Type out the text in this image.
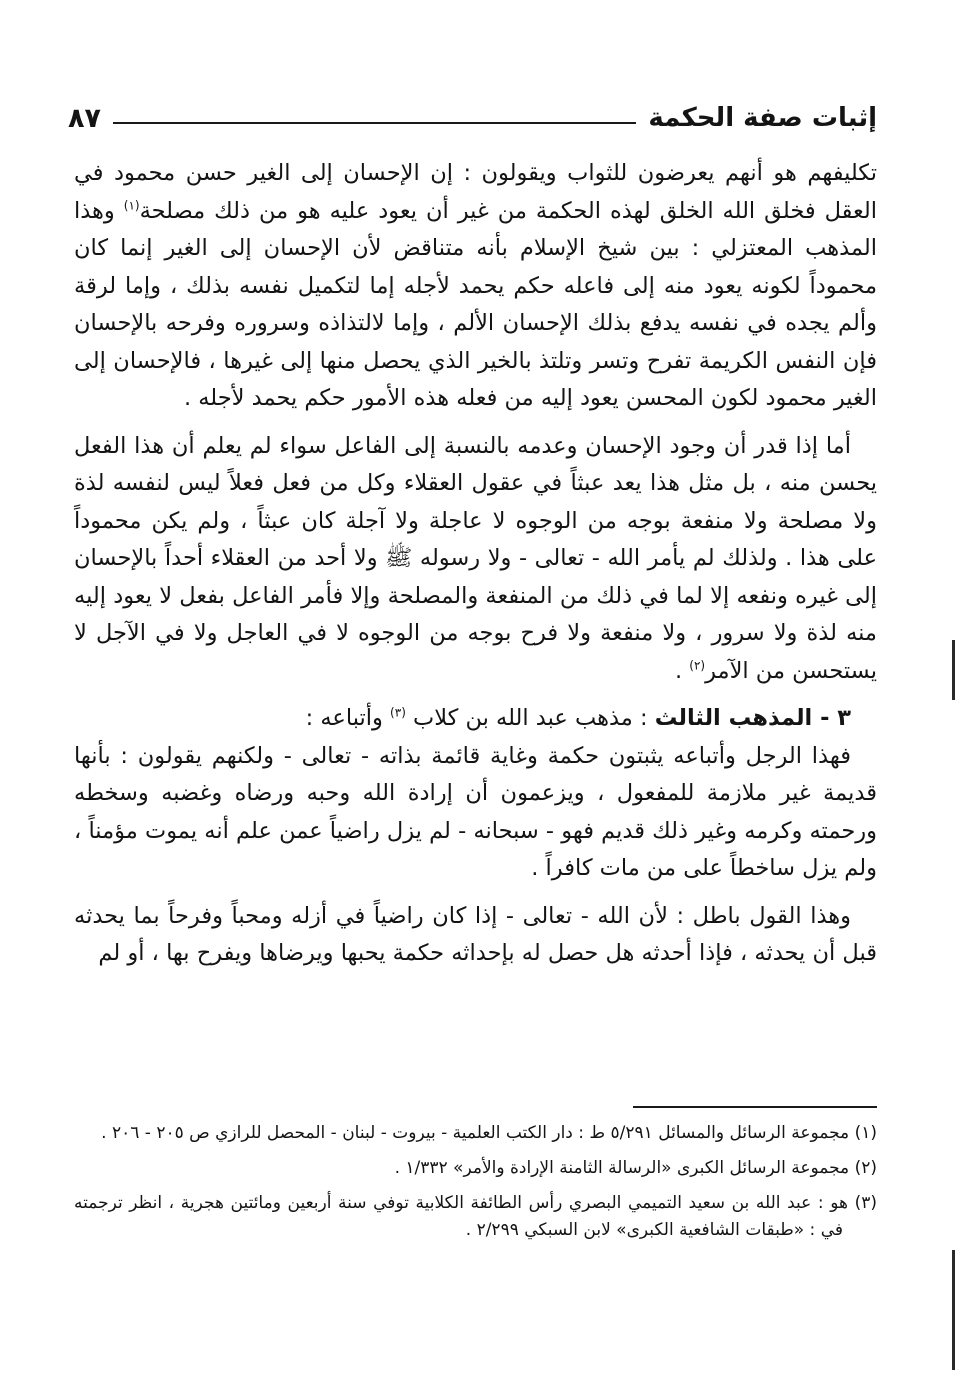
إثبات صفة الحكمة
٨٧

تكليفهم هو أنهم يعرضون للثواب ويقولون : إن الإحسان إلى الغير حسن محمود في العقل فخلق الله الخلق لهذه الحكمة من غير أن يعود عليه هو من ذلك مصلحة$^{(١)}$ وهذا المذهب المعتزلي : بين شيخ الإسلام بأنه متناقض لأن الإحسان إلى الغير إنما كان محموداً لكونه يعود منه إلى فاعله حكم يحمد لأجله إما لتكميل نفسه بذلك ، وإما لرقة وألم يجده في نفسه يدفع بذلك الإحسان الألم ، وإما لالتذاذه وسروره وفرحه بالإحسان فإن النفس الكريمة تفرح وتسر وتلتذ بالخير الذي يحصل منها إلى غيرها ، فالإحسان إلى الغير محمود لكون المحسن يعود إليه من فعله هذه الأمور حكم يحمد لأجله .

أما إذا قدر أن وجود الإحسان وعدمه بالنسبة إلى الفاعل سواء لم يعلم أن هذا الفعل يحسن منه ، بل مثل هذا يعد عبثاً في عقول العقلاء وكل من فعل فعلاً ليس لنفسه لذة ولا مصلحة ولا منفعة بوجه من الوجوه لا عاجلة ولا آجلة كان عبثاً ، ولم يكن محموداً على هذا . ولذلك لم يأمر الله - تعالى - ولا رسوله ﷺ ولا أحد من العقلاء أحداً بالإحسان إلى غيره ونفعه إلا لما في ذلك من المنفعة والمصلحة وإلا فأمر الفاعل بفعل لا يعود إليه منه لذة ولا سرور ، ولا منفعة ولا فرح بوجه من الوجوه لا في العاجل ولا في الآجل لا يستحسن من الآمر$^{(٢)}$ .

٣ - المذهب الثالث : مذهب عبد الله بن كلاب $^{(٣)}$ وأتباعه :

فهذا الرجل وأتباعه يثبتون حكمة وغاية قائمة بذاته - تعالى - ولكنهم يقولون : بأنها قديمة غير ملازمة للمفعول ، ويزعمون أن إرادة الله وحبه ورضاه وغضبه وسخطه ورحمته وكرمه وغير ذلك قديم فهو - سبحانه - لم يزل راضياً عمن علم أنه يموت مؤمناً ، ولم يزل ساخطاً على من مات كافراً .

وهذا القول باطل : لأن الله - تعالى - إذا كان راضياً في أزله ومحباً وفرحاً بما يحدثه قبل أن يحدثه ، فإذا أحدثه هل حصل له بإحداثه حكمة يحبها ويرضاها ويفرح بها ، أو لم

(١) مجموعة الرسائل والمسائل ٥/٢٩١ ط : دار الكتب العلمية - بيروت - لبنان - المحصل للرازي ص ٢٠٥ - ٢٠٦ .

(٢) مجموعة الرسائل الكبرى «الرسالة الثامنة الإرادة والأمر» ١/٣٣٢ .

(٣) هو : عبد الله بن سعيد التميمي البصري رأس الطائفة الكلابية توفي سنة أربعين ومائتين هجرية ، انظر ترجمته في : «طبقات الشافعية الكبرى» لابن السبكي ٢/٢٩٩ .
